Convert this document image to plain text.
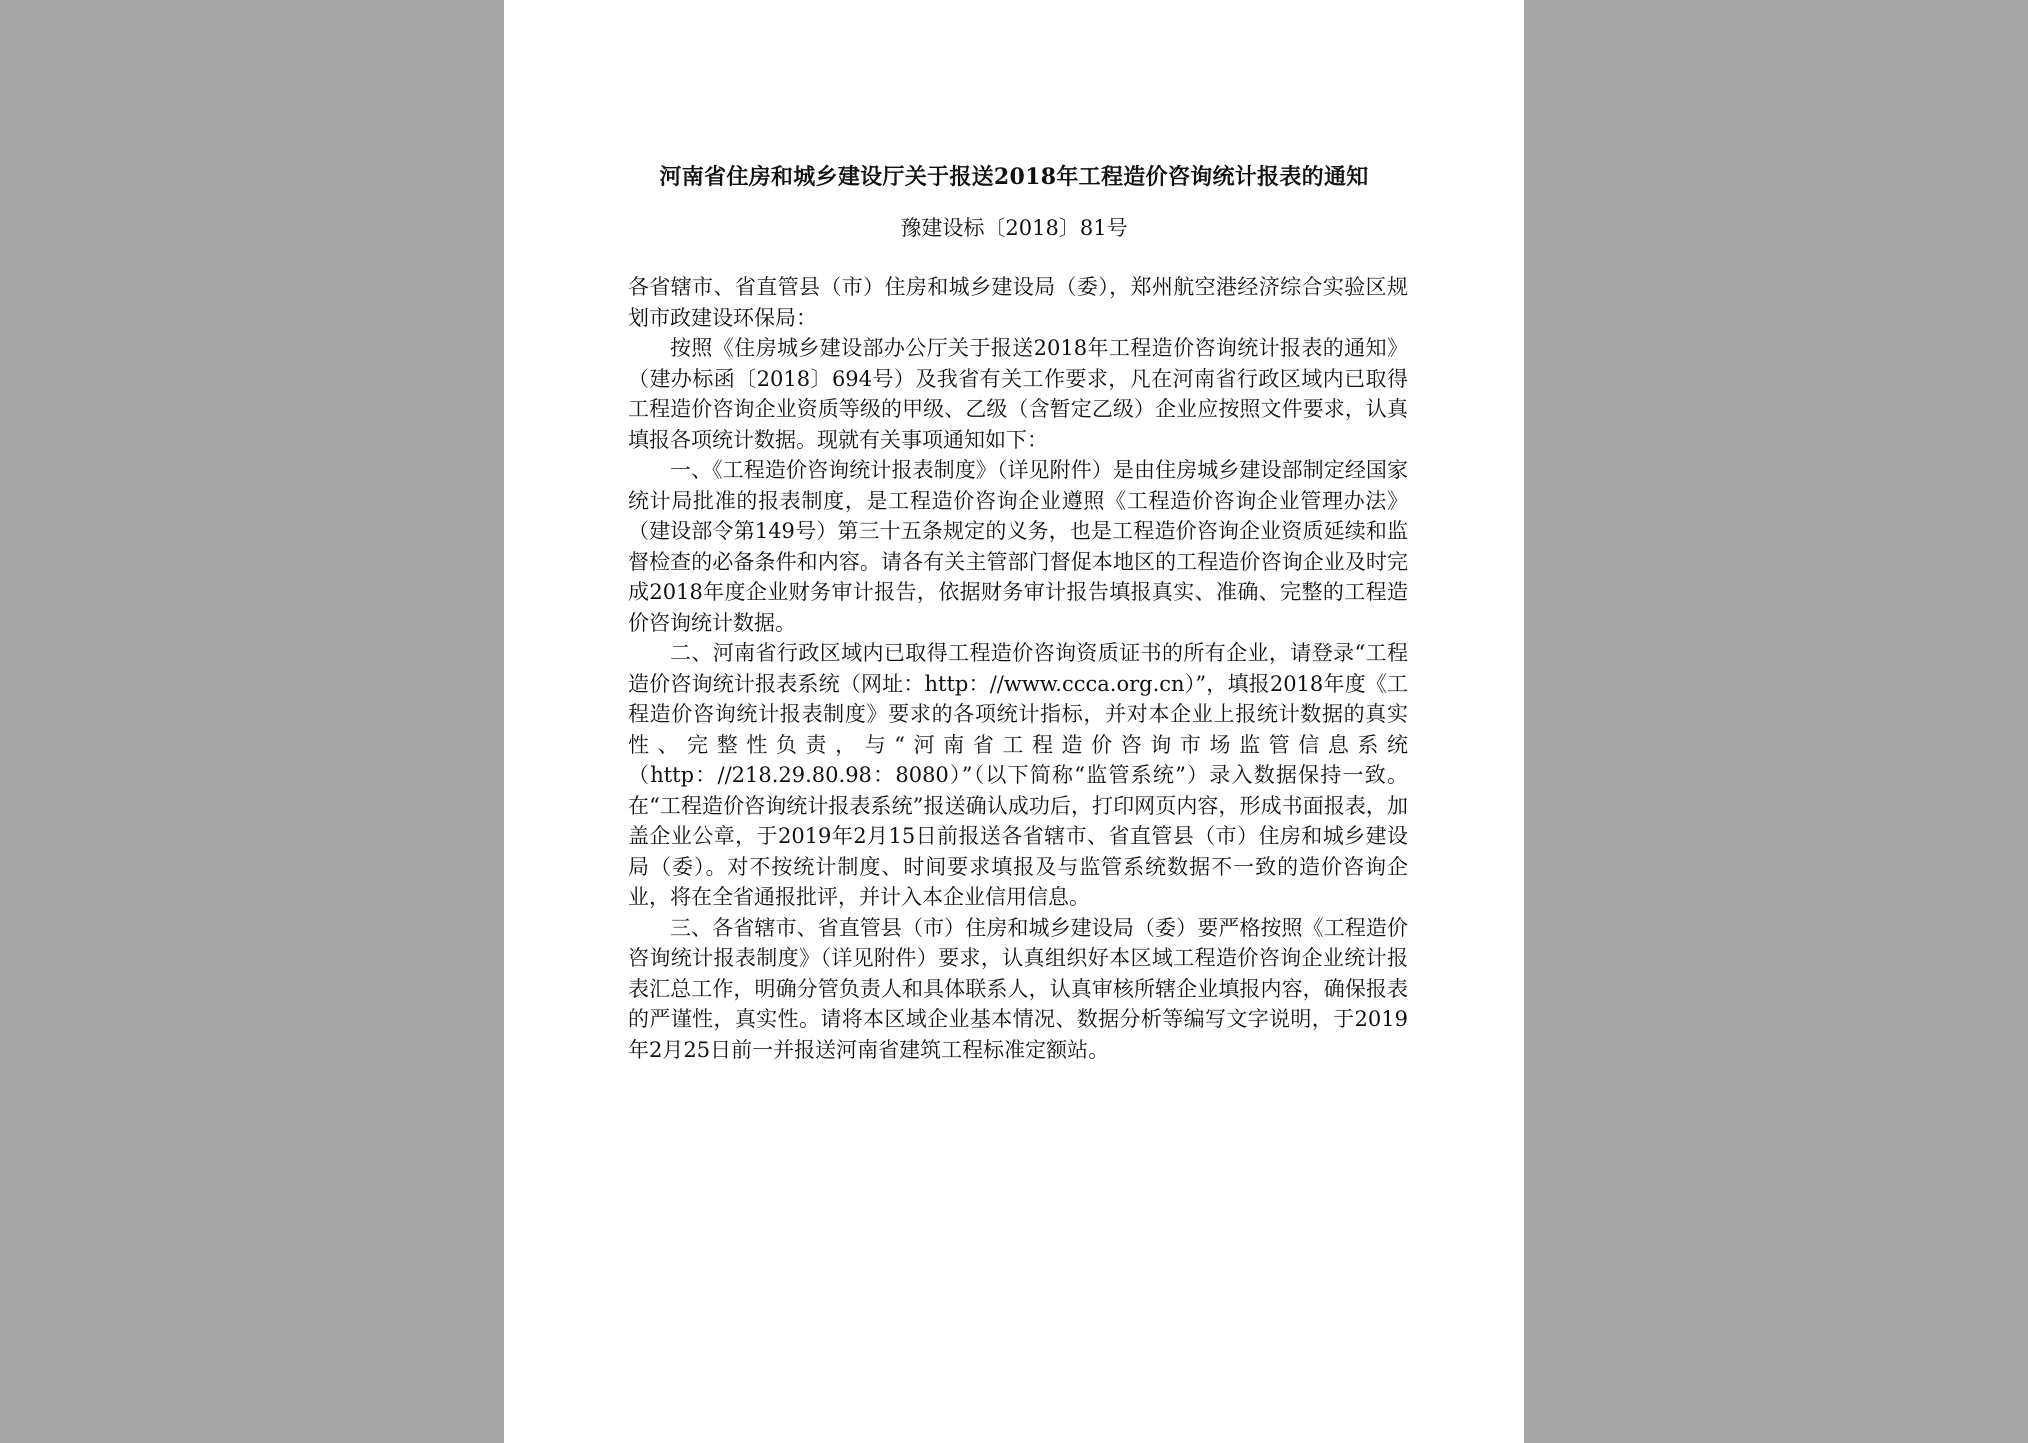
河南省住房和城乡建设厅关于报送2018年工程造价咨询统计报表的通知
豫建设标〔2018〕81号

各省辖市、省直管县（市）住房和城乡建设局（委），郑州航空港经济综合实验区规划市政建设环保局：

按照《住房城乡建设部办公厅关于报送2018年工程造价咨询统计报表的通知》（建办标函〔2018〕694号）及我省有关工作要求，凡在河南省行政区域内已取得工程造价咨询企业资质等级的甲级、乙级（含暂定乙级）企业应按照文件要求，认真填报各项统计数据。现就有关事项通知如下：

一、《工程造价咨询统计报表制度》（详见附件）是由住房城乡建设部制定经国家统计局批准的报表制度，是工程造价咨询企业遵照《工程造价咨询企业管理办法》（建设部令第149号）第三十五条规定的义务，也是工程造价咨询企业资质延续和监督检查的必备条件和内容。请各有关主管部门督促本地区的工程造价咨询企业及时完成2018年度企业财务审计报告，依据财务审计报告填报真实、准确、完整的工程造价咨询统计数据。

二、河南省行政区域内已取得工程造价咨询资质证书的所有企业，请登录“工程造价咨询统计报表系统（网址：http：//www.ccca.org.cn）”，填报2018年度《工程造价咨询统计报表制度》要求的各项统计指标，并对本企业上报统计数据的真实性、完整性负责，与“河南省工程造价咨询市场监管信息系统（http：//218.29.80.98：8080）”（以下简称“监管系统”）录入数据保持一致。在“工程造价咨询统计报表系统”报送确认成功后，打印网页内容，形成书面报表，加盖企业公章，于2019年2月15日前报送各省辖市、省直管县（市）住房和城乡建设局（委）。对不按统计制度、时间要求填报及与监管系统数据不一致的造价咨询企业，将在全省通报批评，并计入本企业信用信息。

三、各省辖市、省直管县（市）住房和城乡建设局（委）要严格按照《工程造价咨询统计报表制度》（详见附件）要求，认真组织好本区域工程造价咨询企业统计报表汇总工作，明确分管负责人和具体联系人，认真审核所辖企业填报内容，确保报表的严谨性，真实性。请将本区域企业基本情况、数据分析等编写文字说明，于2019年2月25日前一并报送河南省建筑工程标准定额站。
